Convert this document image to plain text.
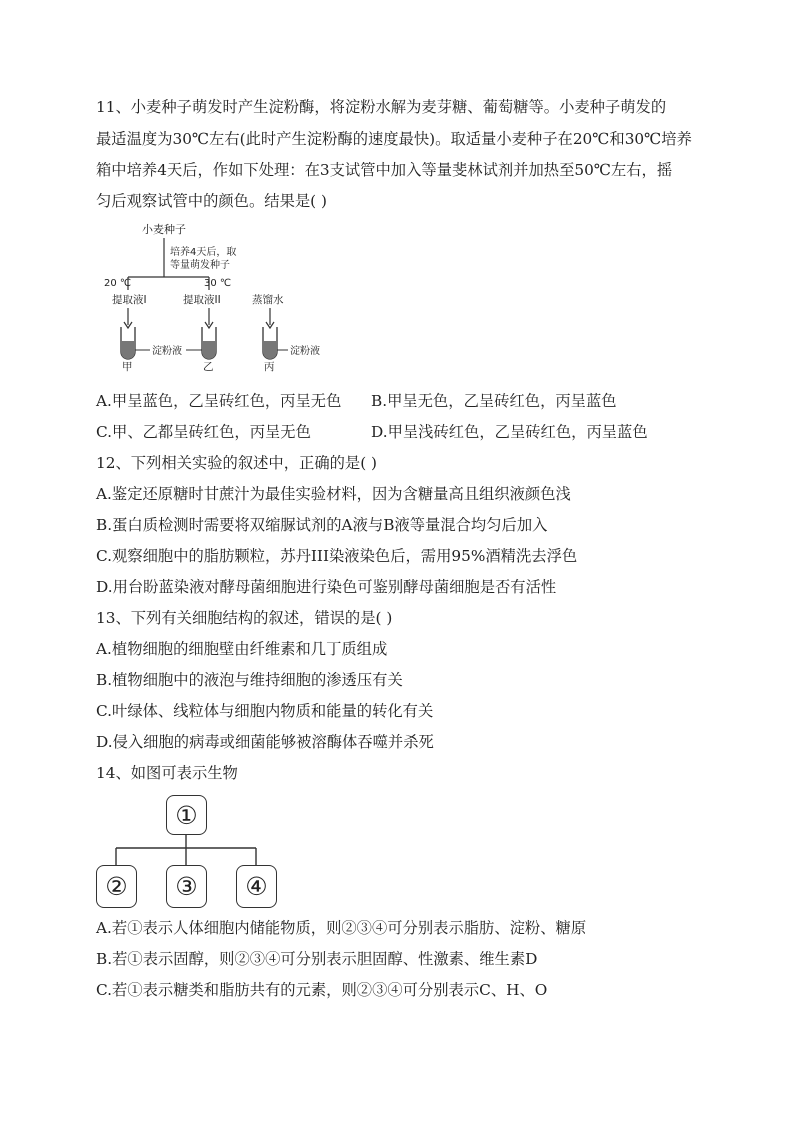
11、小麦种子萌发时产生淀粉酶，将淀粉水解为麦芽糖、葡萄糖等。小麦种子萌发的
最适温度为30℃左右(此时产生淀粉酶的速度最快)。取适量小麦种子在20℃和30℃培养
箱中培养4天后，作如下处理：在3支试管中加入等量斐林试剂并加热至50℃左右，摇
匀后观察试管中的颜色。结果是( )
小麦种子
培养4天后，取
等量萌发种子
20 ℃	30 ℃
提取液I	提取液II	蒸馏水
甲	乙	丙
淀粉液	淀粉液
A.甲呈蓝色，乙呈砖红色，丙呈无色 B.甲呈无色，乙呈砖红色，丙呈蓝色
C.甲、乙都呈砖红色，丙呈无色	D.甲呈浅砖红色，乙呈砖红色，丙呈蓝色
12、下列相关实验的叙述中，正确的是( )
A.鉴定还原糖时甘蔗汁为最佳实验材料，因为含糖量高且组织液颜色浅
B.蛋白质检测时需要将双缩脲试剂的A液与B液等量混合均匀后加入
C.观察细胞中的脂肪颗粒，苏丹III染液染色后，需用95%酒精洗去浮色
D.用台盼蓝染液对酵母菌细胞进行染色可鉴别酵母菌细胞是否有活性
13、下列有关细胞结构的叙述，错误的是( )
A.植物细胞的细胞壁由纤维素和几丁质组成
B.植物细胞中的液泡与维持细胞的渗透压有关
C.叶绿体、线粒体与细胞内物质和能量的转化有关
D.侵入细胞的病毒或细菌能够被溶酶体吞噬并杀死
14、如图可表示生物
①
②	③	④
A.若①表示人体细胞内储能物质，则②③④可分别表示脂肪、淀粉、糖原
B.若①表示固醇，则②③④可分别表示胆固醇、性激素、维生素D
C.若①表示糖类和脂肪共有的元素，则②③④可分别表示C、H、O
